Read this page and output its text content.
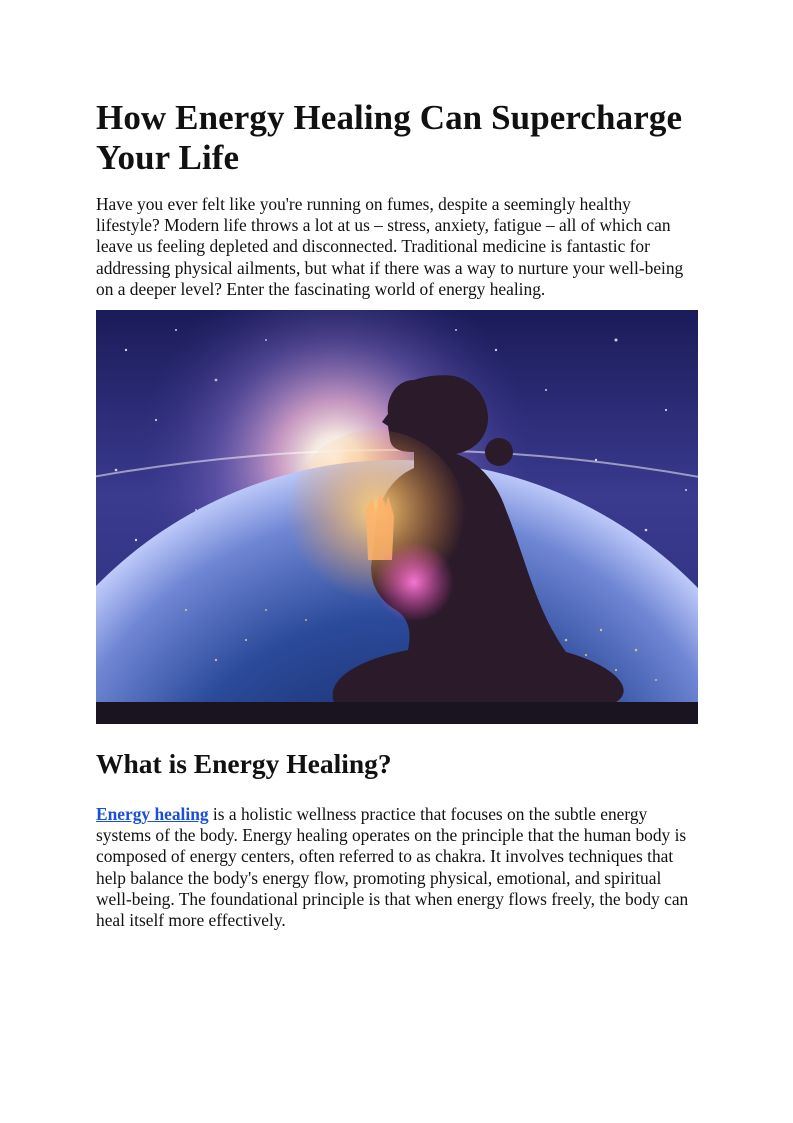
How Energy Healing Can Supercharge Your Life

Have you ever felt like you're running on fumes, despite a seemingly healthy lifestyle? Modern life throws a lot at us – stress, anxiety, fatigue – all of which can leave us feeling depleted and disconnected. Traditional medicine is fantastic for addressing physical ailments, but what if there was a way to nurture your well-being on a deeper level? Enter the fascinating world of energy healing.

What is Energy Healing?

Energy healing is a holistic wellness practice that focuses on the subtle energy systems of the body. Energy healing operates on the principle that the human body is composed of energy centers, often referred to as chakra. It involves techniques that help balance the body's energy flow, promoting physical, emotional, and spiritual well-being. The foundational principle is that when energy flows freely, the body can heal itself more effectively.
